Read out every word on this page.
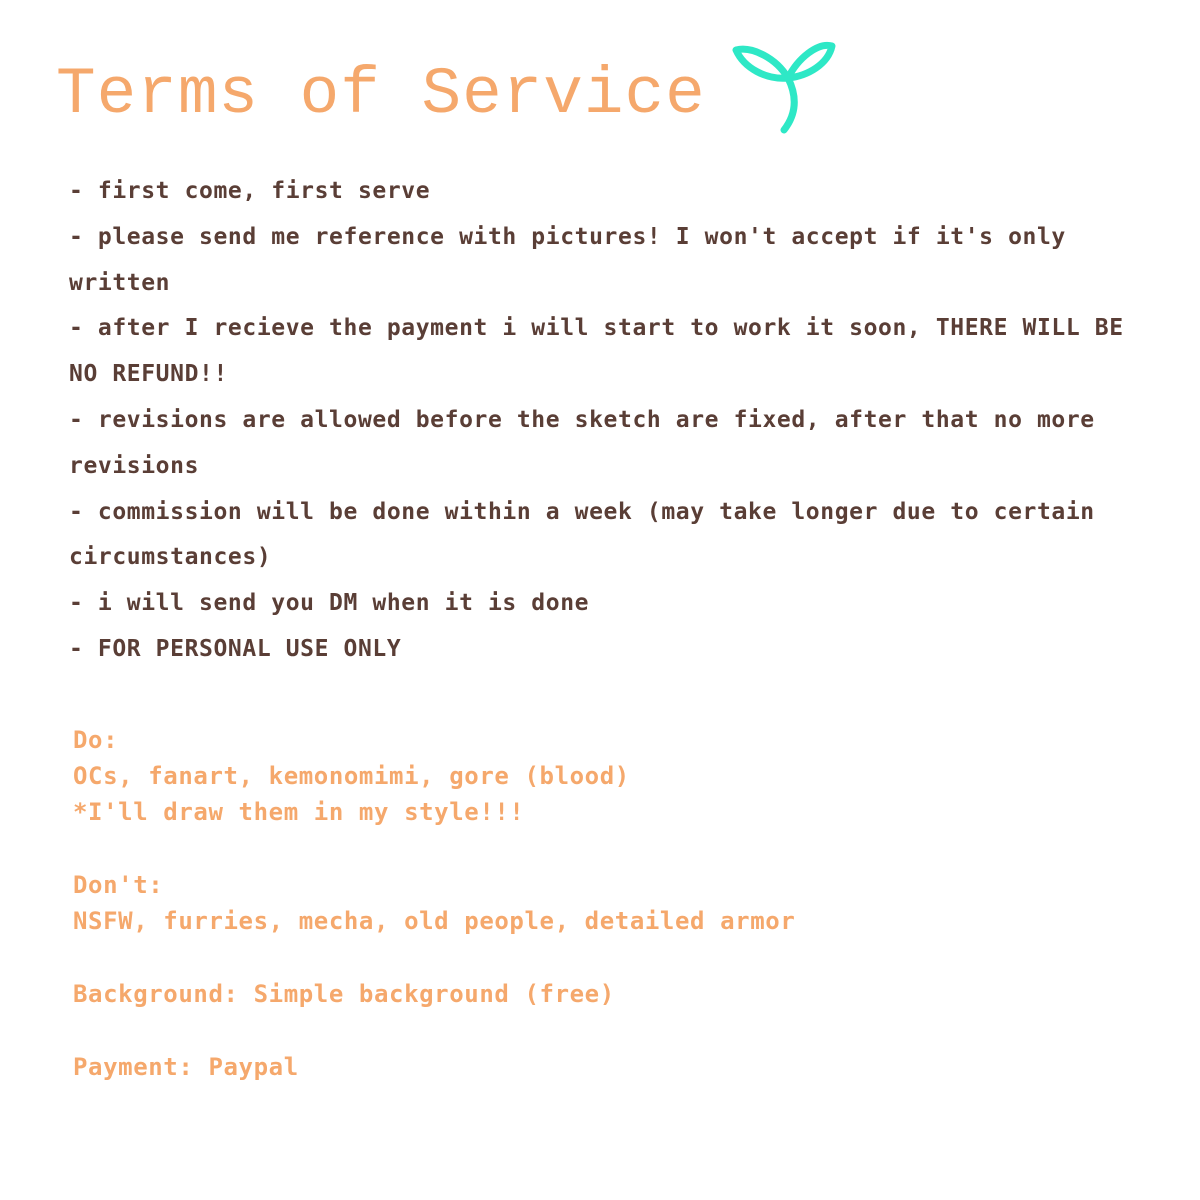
Terms of Service
- first come, first serve
- please send me reference with pictures! I won't accept if it's only written
- after I recieve the payment i will start to work it soon, THERE WILL BE NO REFUND!!
- revisions are allowed before the sketch are fixed, after that no more revisions
- commission will be done within a week (may take longer due to certain circumstances)
- i will send you DM when it is done
- FOR PERSONAL USE ONLY
Do:
OCs, fanart, kemonomimi, gore (blood)
*I'll draw them in my style!!!
Don't:
NSFW, furries, mecha, old people, detailed armor
Background: Simple background (free)
Payment: Paypal
